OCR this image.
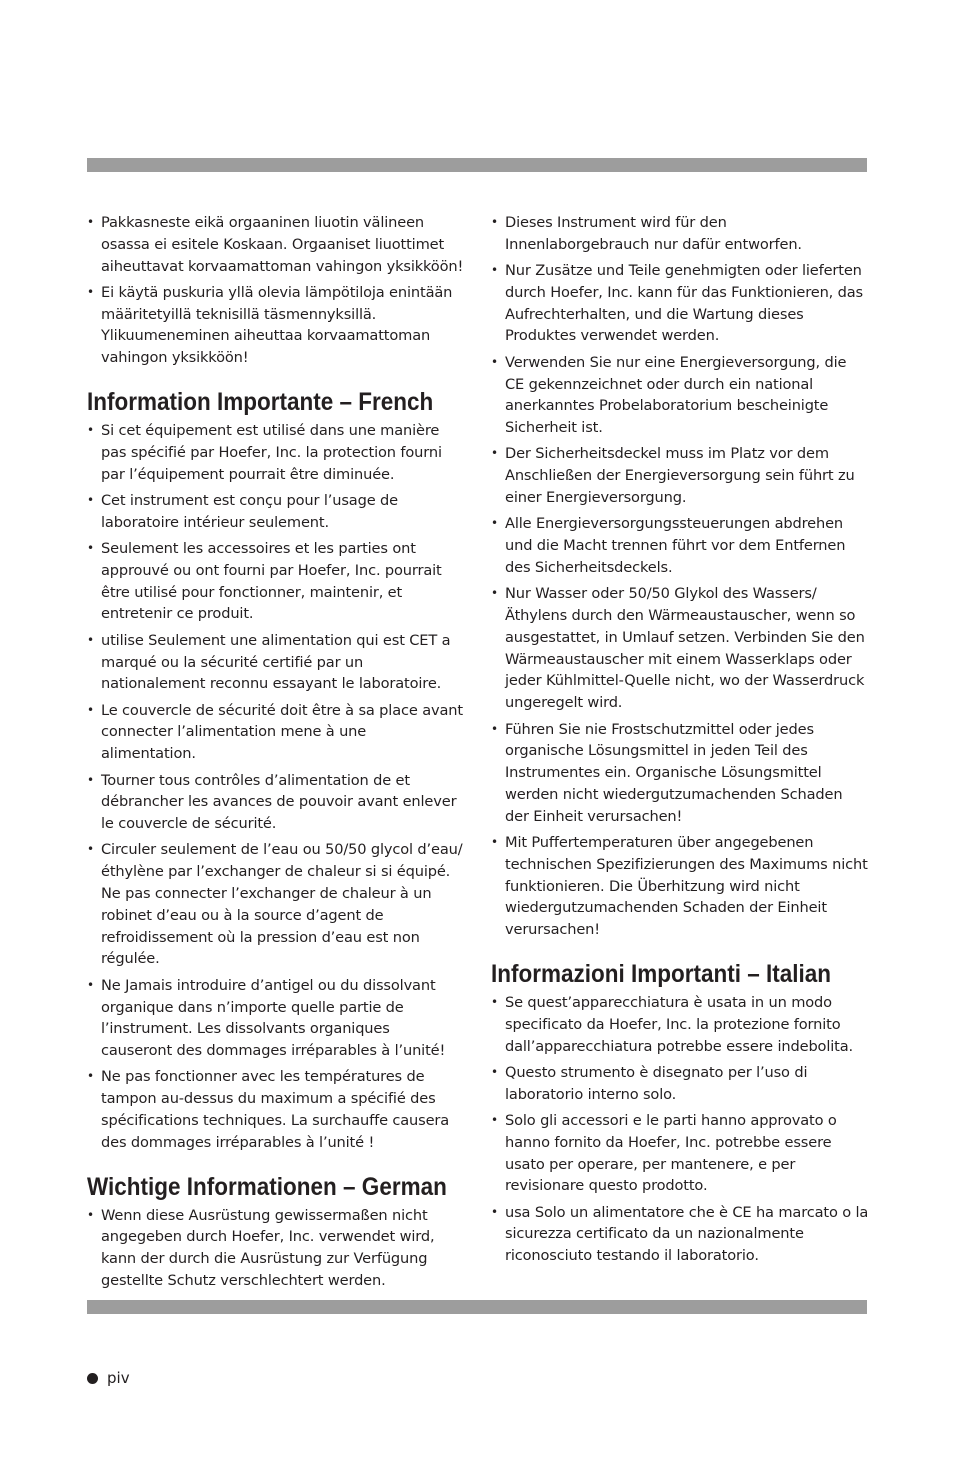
• Pakkasneste eikä orgaaninen liuotin välineen osassa ei esitele Koskaan. Orgaaniset liuottimet aiheuttavat korvaamattoman vahingon yksikköön!
• Ei käytä puskuria yllä olevia lämpötiloja enintään määritetyillä teknisillä täsmennyksillä. Ylikuumeneminen aiheuttaa korvaamattoman vahingon yksikköön!
Information Importante – French
• Si cet équipement est utilisé dans une manière pas spécifié par Hoefer, Inc. la protection fourni par l’équipement pourrait être diminuée.
• Cet instrument est conçu pour l’usage de laboratoire intérieur seulement.
• Seulement les accessoires et les parties ont approuvé ou ont fourni par Hoefer, Inc. pourrait être utilisé pour fonctionner, maintenir, et entretenir ce produit.
• utilise Seulement une alimentation qui est CET a marqué ou la sécurité certifié par un nationalement reconnu essayant le laboratoire.
• Le couvercle de sécurité doit être à sa place avant connecter l’alimentation mene à une alimentation.
• Tourner tous contrôles d’alimentation de et débrancher les avances de pouvoir avant enlever le couvercle de sécurité.
• Circuler seulement de l’eau ou 50/50 glycol d’eau/ éthylène par l’exchanger de chaleur si si équipé. Ne pas connecter l’exchanger de chaleur à un robinet d’eau ou à la source d’agent de refroidissement où la pression d’eau est non régulée.
• Ne Jamais introduire d’antigel ou du dissolvant organique dans n’importe quelle partie de l’instrument. Les dissolvants organiques causeront des dommages irréparables à l’unité!
• Ne pas fonctionner avec les températures de tampon au-dessus du maximum a spécifié des spécifications techniques. La surchauffe causera des dommages irréparables à l’unité !
Wichtige Informationen – German
• Wenn diese Ausrüstung gewissermaßen nicht angegeben durch Hoefer, Inc. verwendet wird, kann der durch die Ausrüstung zur Verfügung gestellte Schutz verschlechtert werden.
• Dieses Instrument wird für den Innenlaborgebrauch nur dafür entworfen.
• Nur Zusätze und Teile genehmigten oder lieferten durch Hoefer, Inc. kann für das Funktionieren, das Aufrechterhalten, und die Wartung dieses Produktes verwendet werden.
• Verwenden Sie nur eine Energieversorgung, die CE gekennzeichnet oder durch ein national anerkanntes Probelaboratorium bescheinigte Sicherheit ist.
• Der Sicherheitsdeckel muss im Platz vor dem Anschließen der Energieversorgung sein führt zu einer Energieversorgung.
• Alle Energieversorgungssteuerungen abdrehen und die Macht trennen führt vor dem Entfernen des Sicherheitsdeckels.
• Nur Wasser oder 50/50 Glykol des Wassers/ Äthylens durch den Wärmeaustauscher, wenn so ausgestattet, in Umlauf setzen. Verbinden Sie den Wärmeaustauscher mit einem Wasserklaps oder jeder Kühlmittel-Quelle nicht, wo der Wasserdruck ungeregelt wird.
• Führen Sie nie Frostschutzmittel oder jedes organische Lösungsmittel in jeden Teil des Instrumentes ein. Organische Lösungsmittel werden nicht wiedergutzumachenden Schaden der Einheit verursachen!
• Mit Puffertemperaturen über angegebenen technischen Spezifizierungen des Maximums nicht funktionieren. Die Überhitzung wird nicht wiedergutzumachenden Schaden der Einheit verursachen!
Informazioni Importanti – Italian
• Se quest’apparecchiatura è usata in un modo specificato da Hoefer, Inc. la protezione fornito dall’apparecchiatura potrebbe essere indebolita.
• Questo strumento è disegnato per l’uso di laboratorio interno solo.
• Solo gli accessori e le parti hanno approvato o hanno fornito da Hoefer, Inc. potrebbe essere usato per operare, per mantenere, e per revisionare questo prodotto.
• usa Solo un alimentatore che è CE ha marcato o la sicurezza certificato da un nazionalmente riconosciuto testando il laboratorio.
piv
